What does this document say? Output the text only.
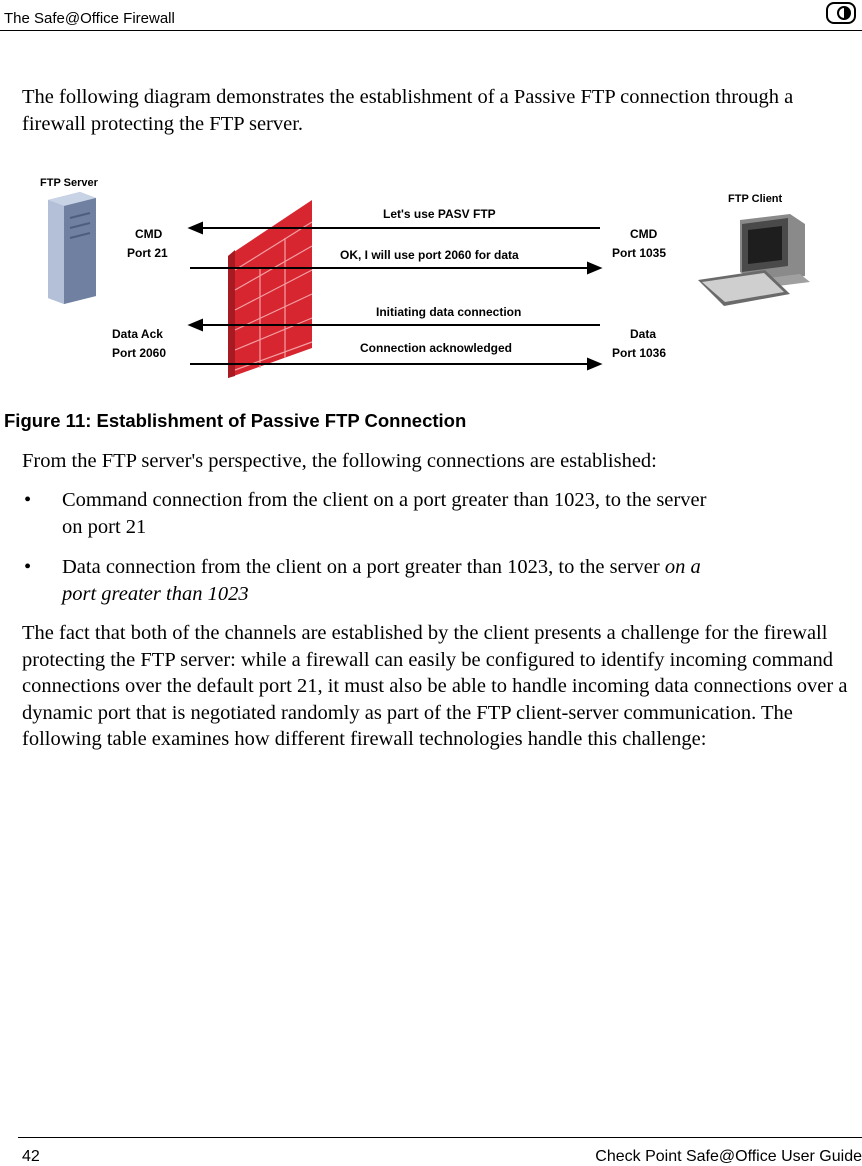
The Safe@Office Firewall
The following diagram demonstrates the establishment of a Passive FTP connection through a firewall protecting the FTP server.
FTP Server
CMD
Port 21
Data Ack
Port 2060
Let's use PASV FTP
OK, I will use port 2060 for data
Initiating data connection
Connection acknowledged
CMD
Port 1035
Data
Port 1036
FTP Client
Figure 11: Establishment of Passive FTP Connection
From the FTP server's perspective, the following connections are established:
• Command connection from the client on a port greater than 1023, to the server
on port 21
• Data connection from the client on a port greater than 1023, to the server on a
port greater than 1023
The fact that both of the channels are established by the client presents a challenge for the firewall protecting the FTP server: while a firewall can easily be configured to identify incoming command connections over the default port 21, it must also be able to handle incoming data connections over a dynamic port that is negotiated randomly as part of the FTP client-server communication. The following table examines how different firewall technologies handle this challenge:
42	Check Point Safe@Office User Guide
